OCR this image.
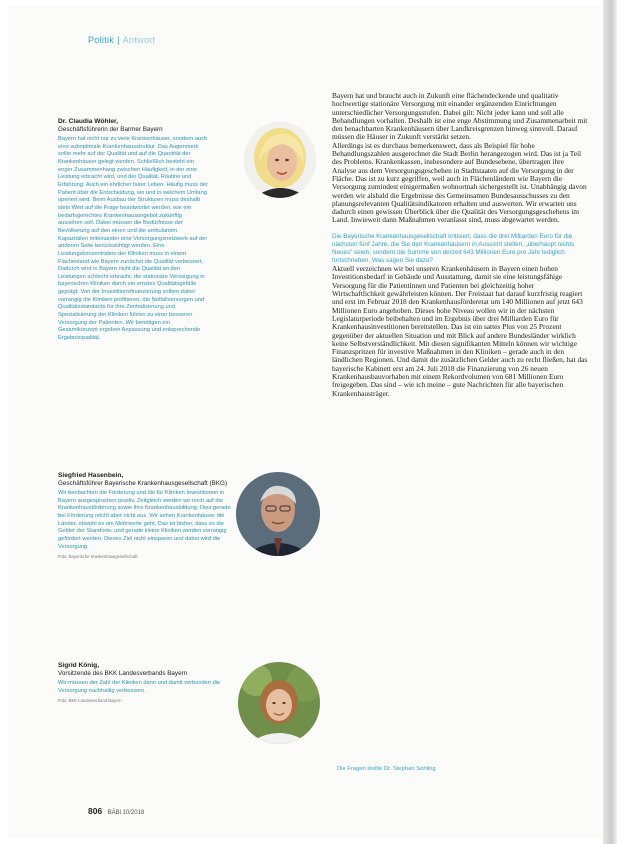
Politik | Antwort
Dr. Claudia Wöhler,
Geschäftsführerin der Barmer Bayern
Bayern hat nicht nur zu viele Krankenhäuser, sondern auch eine suboptimale Krankenhausstruktur. Das Augenmerk sollte mehr auf der Qualität und auf die Quantität der Krankenhäuser gelegt werden. Schließlich besteht ein enger Zusammenhang zwischen Häufigkeit, in der eine Leistung erbracht wird, und der Qualität, Routine und Erfahrung. Auch ein ehrlicher fairer Leben. Häufig muss der Patient über die Entscheidung, wo und in welchem Umfang operiert wird. Beim Ausbau der Strukturen muss deshalb stets Wert auf die Frage beantwortet werden, wie ein bedarfsgerechtes Krankenhausangebot zukünftig aussehen soll. Dabei müssen die Bedürfnisse der Bevölkerung auf den einen und die ambulanten Kapazitäten miteinander eine Versorgungsnetzwerk auf der anderen Seite berücksichtigt werden. Eine Leistungskonzentration der Kliniken muss in einem Flächenland wie Bayern zunächst die Qualität verbessert. Dadurch wird in Bayern nicht die Qualität an den Leistungen schlecht erbracht, die stationäre Versorgung in bayerischen Kliniken durch ein ernstes Qualitätsgefälle geprägt. Von der Investitionsfinanzierung sollten daher vorrangig die Kliniken profitieren, die Notfallversorgen und Qualitätsstandards für ihre Zentralisierung und Spezialisierung der Kliniken führen zu einer besseren Versorgung der Patienten. Wir benötigen ein Gesamtkonzept ergeben Anpassung und entsprechende Ergebnisqualität.
Siegfried Hasenbein,
Geschäftsführer Bayerische Krankenhausgesellschaft (BKG)
Wir beobachten die Förderung und die für Kliniken Investitionen in Bayern ausgesprochen positiv. Zeitgleich werden wir noch auf die Krankenhausförderung sowie Ihre Krankenhausbildung. Dies gerade bei Förderung reicht aber nicht aus. Wir sehen Krankenhäuser die Länder, obwohl es um Mehrwerte geht. Das ist bisher, dass es die Gelder der Standorte, und gerade kleine Kliniken werden vorrangig gefördert werden. Dieses Ziel nicht einsparen und dabei wird die Versorgung.
Foto: Bayerische Krankenhausgesellschaft
Sigrid König,
Vorsitzende des BKK Landesverbands Bayern
Wir müssen der Zahl der Kliniken dann und damit verbunden die Versorgung nachhaltig verbessern.
Foto: BKK Landesverband Bayern

Bayern hat und braucht auch in Zukunft eine flächendeckende und qualitativ hochwertige stationäre Versorgung mit einander ergänzenden Einrichtungen unterschiedlicher Versorgungsstufen. Dabei gilt: Nicht jeder kann und soll alle Behandlungen vorhalten. Deshalb ist eine enge Abstimmung und Zusammenarbeit mit den benachbarten Krankenhäusern über Landkreisgrenzen hinweg sinnvoll. Darauf müssen die Häuser in Zukunft verstärkt setzen.

Allerdings ist es durchaus bemerkenswert, dass als Beispiel für hohe Behandlungszahlen ausgerechnet die Stadt Berlin herangezogen wird. Das ist ja Teil des Problems. Krankenkassen, insbesondere auf Bundesebene, übertragen ihre Analyse aus dem Versorgungsgeschehen in Stadtstaaten auf die Versorgung in der Fläche. Das ist zu kurz gegriffen, weil auch in Flächenländern wie Bayern die Versorgung zumindest einigermaßen wohnortnah sichergestellt ist. Unabhängig davon werden wir alsbald die Ergebnisse des Gemeinsamen Bundesausschusses zu den planungsrelevanten Qualitätsindikatoren erhalten und auswerten. Wir erwarten uns dadurch einen gewissen Überblick über die Qualität des Versorgungsgeschehens im Land. Inwieweit dann Maßnahmen veranlasst sind, muss abgewartet werden.

Die Bayerische Krankenhausgesellschaft kritisiert, dass die drei Milliarden Euro für die nächsten fünf Jahre, die Sie den Krankenhäusern in Aussicht stellen, „überhaupt nichts Neues“ seien, sondern die Summe von derzeit 643 Millionen Euro pro Jahr lediglich fortschrieben. Was sagen Sie dazu?

Aktuell verzeichnen wir bei unseren Krankenhäusern in Bayern einen hohen Investitionsbedarf in Gebäude und Ausstattung, damit sie eine leistungsfähige Versorgung für die Patientinnen und Patienten bei gleichzeitig hoher Wirtschaftlichkeit gewährleisten können. Der Freistaat hat darauf kurzfristig reagiert und erst im Februar 2018 den Krankenhausförderetat um 140 Millionen auf jetzt 643 Millionen Euro angehoben. Dieses hohe Niveau wollen wir in der nächsten Legislaturperiode beibehalten und im Ergebnis über drei Milliarden Euro für Krankenhausinvestitionen bereitstellen. Das ist ein sattes Plus von 25 Prozent gegenüber der aktuellen Situation und mit Blick auf andere Bundesländer wirklich keine Selbstverständlichkeit. Mit diesen signifikanten Mitteln können wir wichtige Finanzspritzen für investive Maßnahmen in den Kliniken – gerade auch in den ländlichen Regionen. Und damit die zusätzlichen Gelder auch zu recht fließen, hat das bayerische Kabinett erst am 24. Juli 2018 die Finanzierung von 26 neuen Krankenhausbauvorhaben mit einem Rekordvolumen von 681 Millionen Euro freigegeben. Das sind – wie ich meine – gute Nachrichten für alle bayerischen Krankenhausträger.

Die Fragen stellte Dr. Stephan Sohling
806 BÄBl 10/2018
